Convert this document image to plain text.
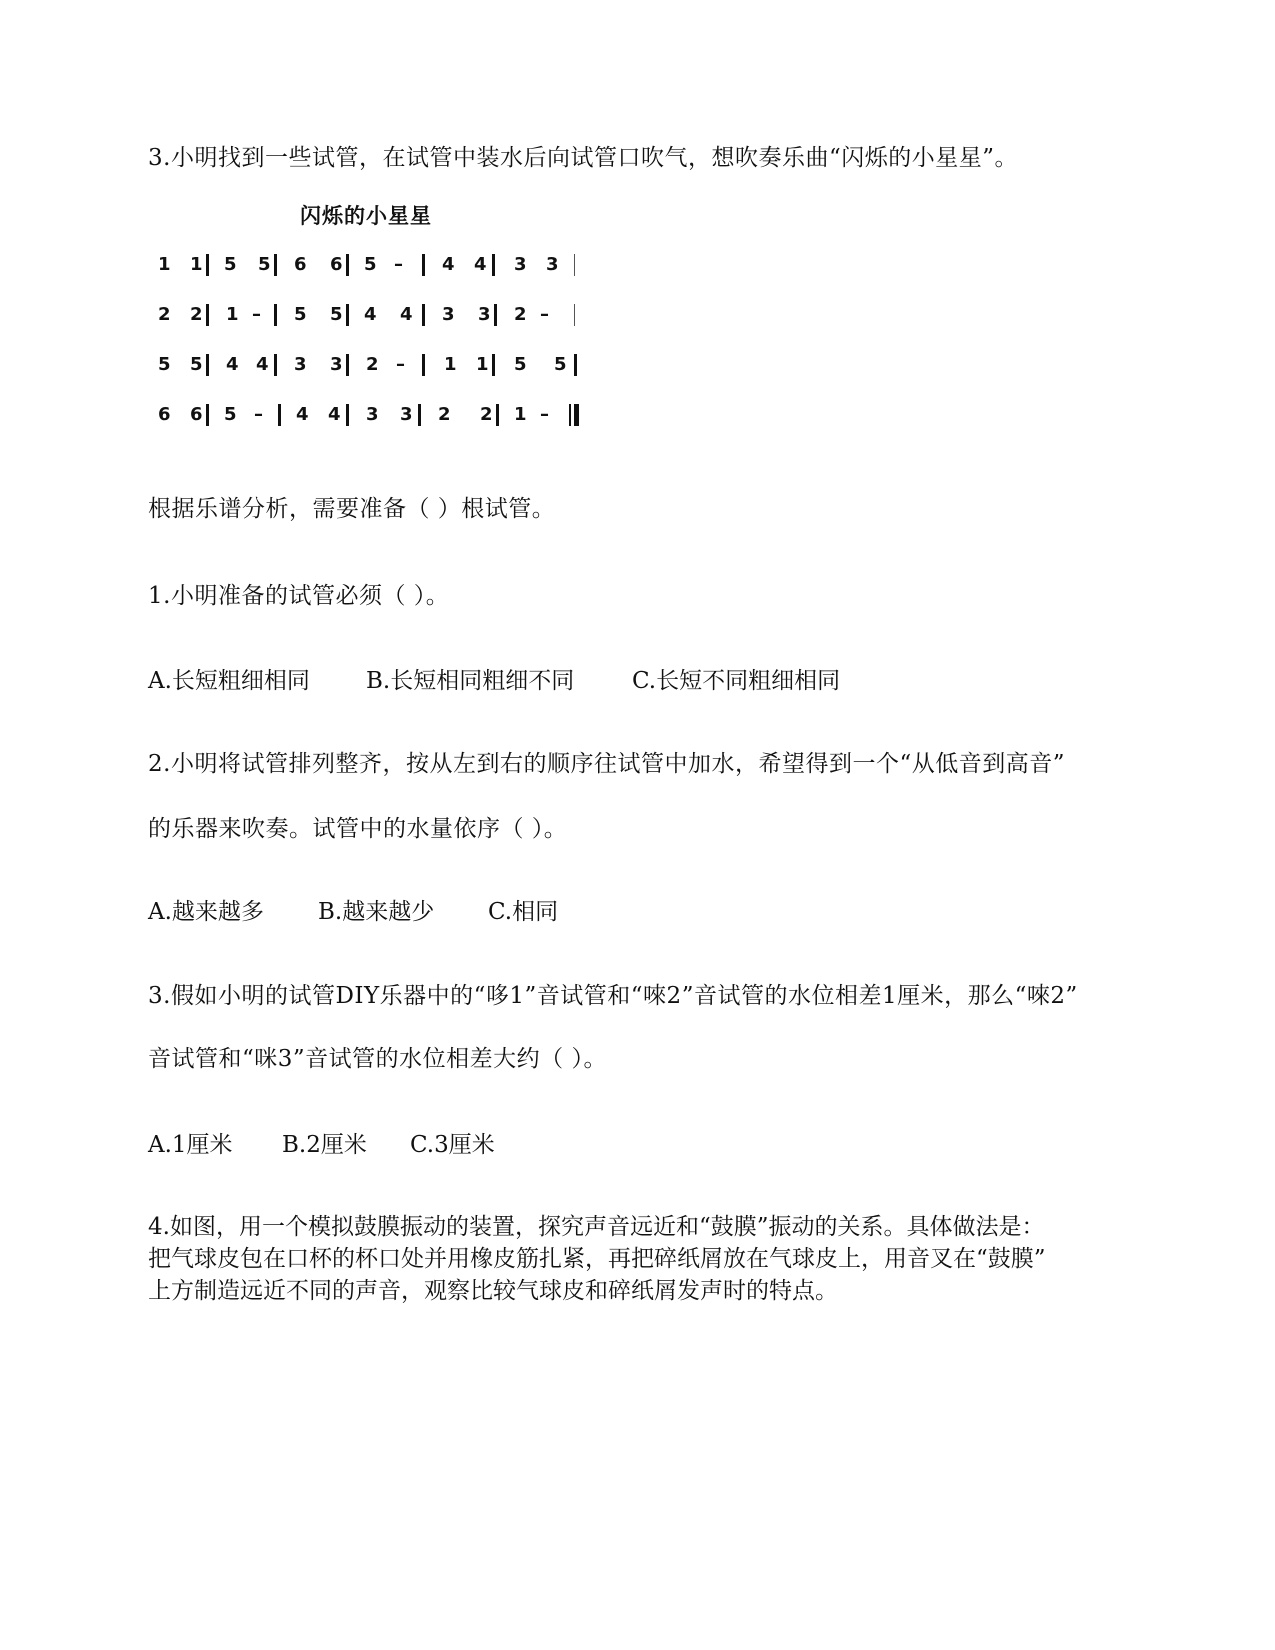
3.小明找到一些试管，在试管中装水后向试管口吹气，想吹奏乐曲“闪烁的小星星”。
闪烁的小星星
1 1 5 5 6 6 5 – 4 4 3 3
2 2 1 – 5 5 4 4 3 3 2 –
5 5 4 4 3 3 2 – 1 1 5 5
6 6 5 – 4 4 3 3 2 2 1 –
根据乐谱分析，需要准备（ ）根试管。
1.小明准备的试管必须（ ）。
A.长短粗细相同 B.长短相同粗细不同	C.长短不同粗细相同
2.小明将试管排列整齐，按从左到右的顺序往试管中加水，希望得到一个“从低音到高音”
的乐器来吹奏。试管中的水量依序（ ）。
A.越来越多 B.越来越少 C.相同
3.假如小明的试管DIY乐器中的“哆1”音试管和“唻2”音试管的水位相差1厘米，那么“唻2”
音试管和“咪3”音试管的水位相差大约（ ）。
A.1厘米 B.2厘米 C.3厘米
4.如图，用一个模拟鼓膜振动的装置，探究声音远近和“鼓膜”振动的关系。具体做法是：
把气球皮包在口杯的杯口处并用橡皮筋扎紧，再把碎纸屑放在气球皮上，用音叉在“鼓膜”
上方制造远近不同的声音，观察比较气球皮和碎纸屑发声时的特点。
